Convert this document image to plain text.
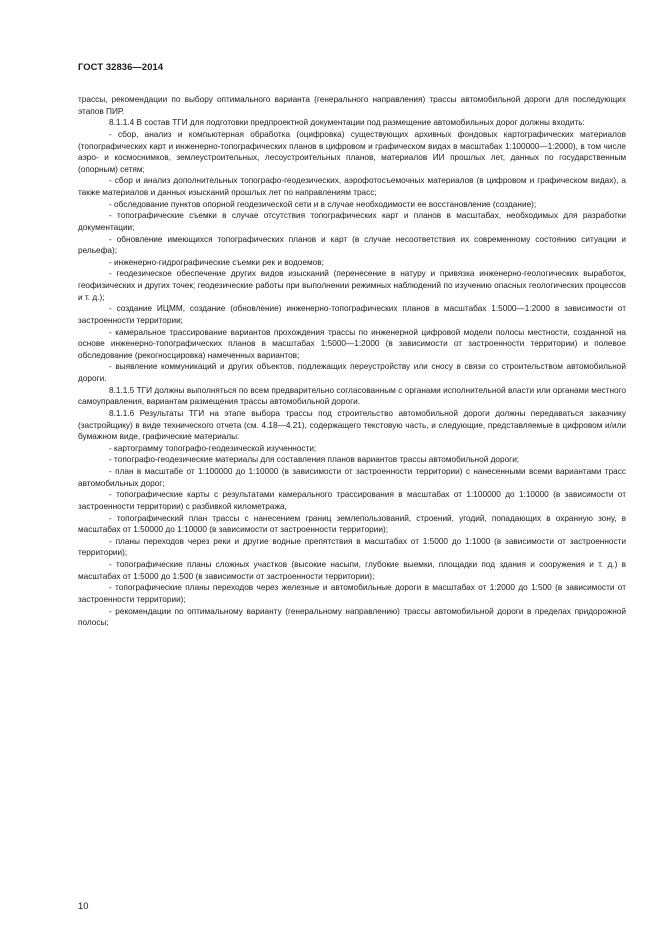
ГОСТ 32836—2014

трассы, рекомендации по выбору оптимального варианта (генерального направления) трассы автомобильной дороги для последующих этапов ПИР.

8.1.1.4 В состав ТГИ для подготовки предпроектной документации под размещение автомобильных дорог должны входить:

- сбор, анализ и компьютерная обработка (оцифровка) существующих архивных фондовых картографических материалов (топографических карт и инженерно-топографических планов в цифровом и графическом видах в масштабах 1:100000—1:2000), в том числе аэро- и космоснимков, землеустроительных, лесоустроительных планов, материалов ИИ прошлых лет, данных по государственным (опорным) сетям;

- сбор и анализ дополнительных топографо-геодезических, аэрофотосъемочных материалов (в цифровом и графическом видах), а также материалов и данных изысканий прошлых лет по направлениям трасс;

- обследование пунктов опорной геодезической сети и в случае необходимости ее восстановление (создание);

- топографические съемки в случае отсутствия топографических карт и планов в масштабах, необходимых для разработки документации;

- обновление имеющихся топографических планов и карт (в случае несоответствия их современному состоянию ситуации и рельефа);

- инженерно-гидрографические съемки рек и водоемов;

- геодезическое обеспечение других видов изысканий (перенесение в натуру и привязка инженерно-геологических выработок, геофизических и других точек; геодезические работы при выполнении режимных наблюдений по изучению опасных геологических процессов и т. д.);

- создание ИЦММ, создание (обновление) инженерно-топографических планов в масштабах 1:5000—1:2000 в зависимости от застроенности территории;

- камеральное трассирование вариантов прохождения трассы по инженерной цифровой модели полосы местности, созданной на основе инженерно-топографических планов в масштабах 1:5000—1:2000 (в зависимости от застроенности территории) и полевое обследование (рекогносцировка) намеченных вариантов;

- выявление коммуникаций и других объектов, подлежащих переустройству или сносу в связи со строительством автомобильной дороги.

8.1.1.5 ТГИ должны выполняться по всем предварительно согласованным с органами исполнительной власти или органами местного самоуправления, вариантам размещения трассы автомобильной дороги.

8.1.1.6 Результаты ТГИ на этапе выбора трассы под строительство автомобильной дороги должны передаваться заказчику (застройщику) в виде технического отчета (см. 4.18—4.21), содержащего текстовую часть, и следующие, представляемые в цифровом и/или бумажном виде, графические материалы:

- картограмму топографо-геодезической изученности;

- топографо-геодезические материалы для составления планов вариантов трассы автомобильной дороги;

- план в масштабе от 1:100000 до 1:10000 (в зависимости от застроенности территории) с нанесенными всеми вариантами трасс автомобильных дорог;

- топографические карты с результатами камерального трассирования в масштабах от 1:100000 до 1:10000 (в зависимости от застроенности территории) с разбивкой километража,

- топографический план трассы с нанесением границ землепользований, строений, угодий, попадающих в охранную зону, в масштабах от 1:50000 до 1:10000 (в зависимости от застроенности территории);

- планы переходов через реки и другие водные препятствия в масштабах от 1:5000 до 1:1000 (в зависимости от застроенности территории);

- топографические планы сложных участков (высокие насыпи, глубокие выемки, площадки под здания и сооружения и т. д.) в масштабах от 1:5000 до 1:500 (в зависимости от застроенности территории);

- топографические планы переходов через железные и автомобильные дороги в масштабах от 1:2000 до 1:500 (в зависимости от застроенности территории);

- рекомендации по оптимальному варианту (генеральному направлению) трассы автомобильной дороги в пределах придорожной полосы;

10
